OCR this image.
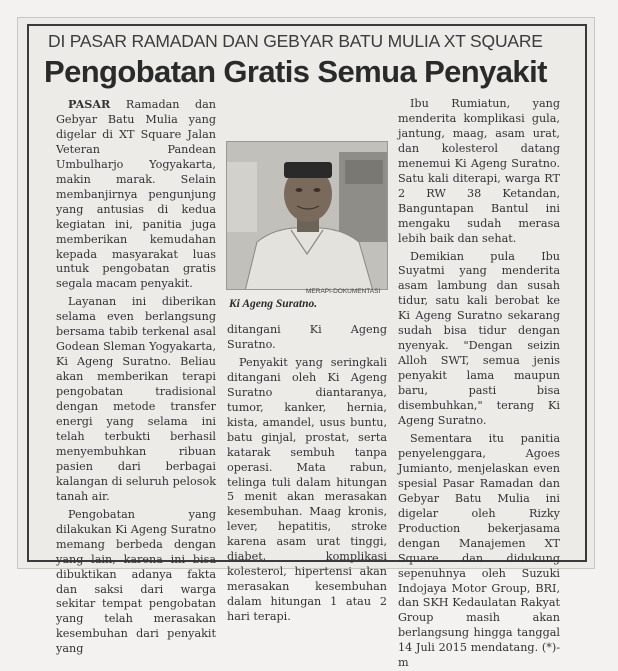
DI PASAR RAMADAN DAN GEBYAR BATU MULIA XT SQUARE
Pengobatan Gratis Semua Penyakit

PASAR Ramadan dan Gebyar Batu Mulia yang digelar di XT Square Jalan Veteran Pandean Umbulharjo Yogyakarta, makin marak. Selain membanjirnya pengunjung yang antusias di kedua kegiatan ini, panitia juga memberikan kemudahan kepada masyarakat luas untuk pengobatan gratis segala macam penyakit.

Layanan ini diberikan selama even berlangsung bersama tabib terkenal asal Godean Sleman Yogyakarta, Ki Ageng Suratno. Beliau akan memberikan terapi pengobatan tradisional dengan metode transfer energi yang selama ini telah terbukti berhasil menyembuhkan ribuan pasien dari berbagai kalangan di seluruh pelosok tanah air.

Pengobatan yang dilakukan Ki Ageng Suratno memang berbeda dengan yang lain, karena ini bisa dibuktikan adanya fakta dan saksi dari warga sekitar tempat pengobatan yang telah merasakan kesembuhan dari penyakit yang

MERAPI-DOKUMENTASI
Ki Ageng Suratno.

ditangani Ki Ageng Suratno.

Penyakit yang seringkali ditangani oleh Ki Ageng Suratno diantaranya, tumor, kanker, hernia, kista, amandel, usus buntu, batu ginjal, prostat, serta katarak sembuh tanpa operasi. Mata rabun, telinga tuli dalam hitungan 5 menit akan merasakan kesembuhan. Maag kronis, lever, hepatitis, stroke karena asam urat tinggi, diabet, komplikasi kolesterol, hipertensi akan merasakan kesembuhan dalam hitungan 1 atau 2 hari terapi.

Ibu Rumiatun, yang menderita komplikasi gula, jantung, maag, asam urat, dan kolesterol datang menemui Ki Ageng Suratno. Satu kali diterapi, warga RT 2 RW 38 Ketandan, Banguntapan Bantul ini mengaku sudah merasa lebih baik dan sehat.

Demikian pula Ibu Suyatmi yang menderita asam lambung dan susah tidur, satu kali berobat ke Ki Ageng Suratno sekarang sudah bisa tidur dengan nyenyak. "Dengan seizin Alloh SWT, semua jenis penyakit lama maupun baru, pasti bisa disembuhkan," terang Ki Ageng Suratno.

Sementara itu panitia penyelenggara, Agoes Jumianto, menjelaskan even spesial Pasar Ramadan dan Gebyar Batu Mulia ini digelar oleh Rizky Production bekerjasama dengan Manajemen XT Square dan didukung sepenuhnya oleh Suzuki Indojaya Motor Group, BRI, dan SKH Kedaulatan Rakyat Group masih akan berlangsung hingga tanggal 14 Juli 2015 mendatang. (*)-m
